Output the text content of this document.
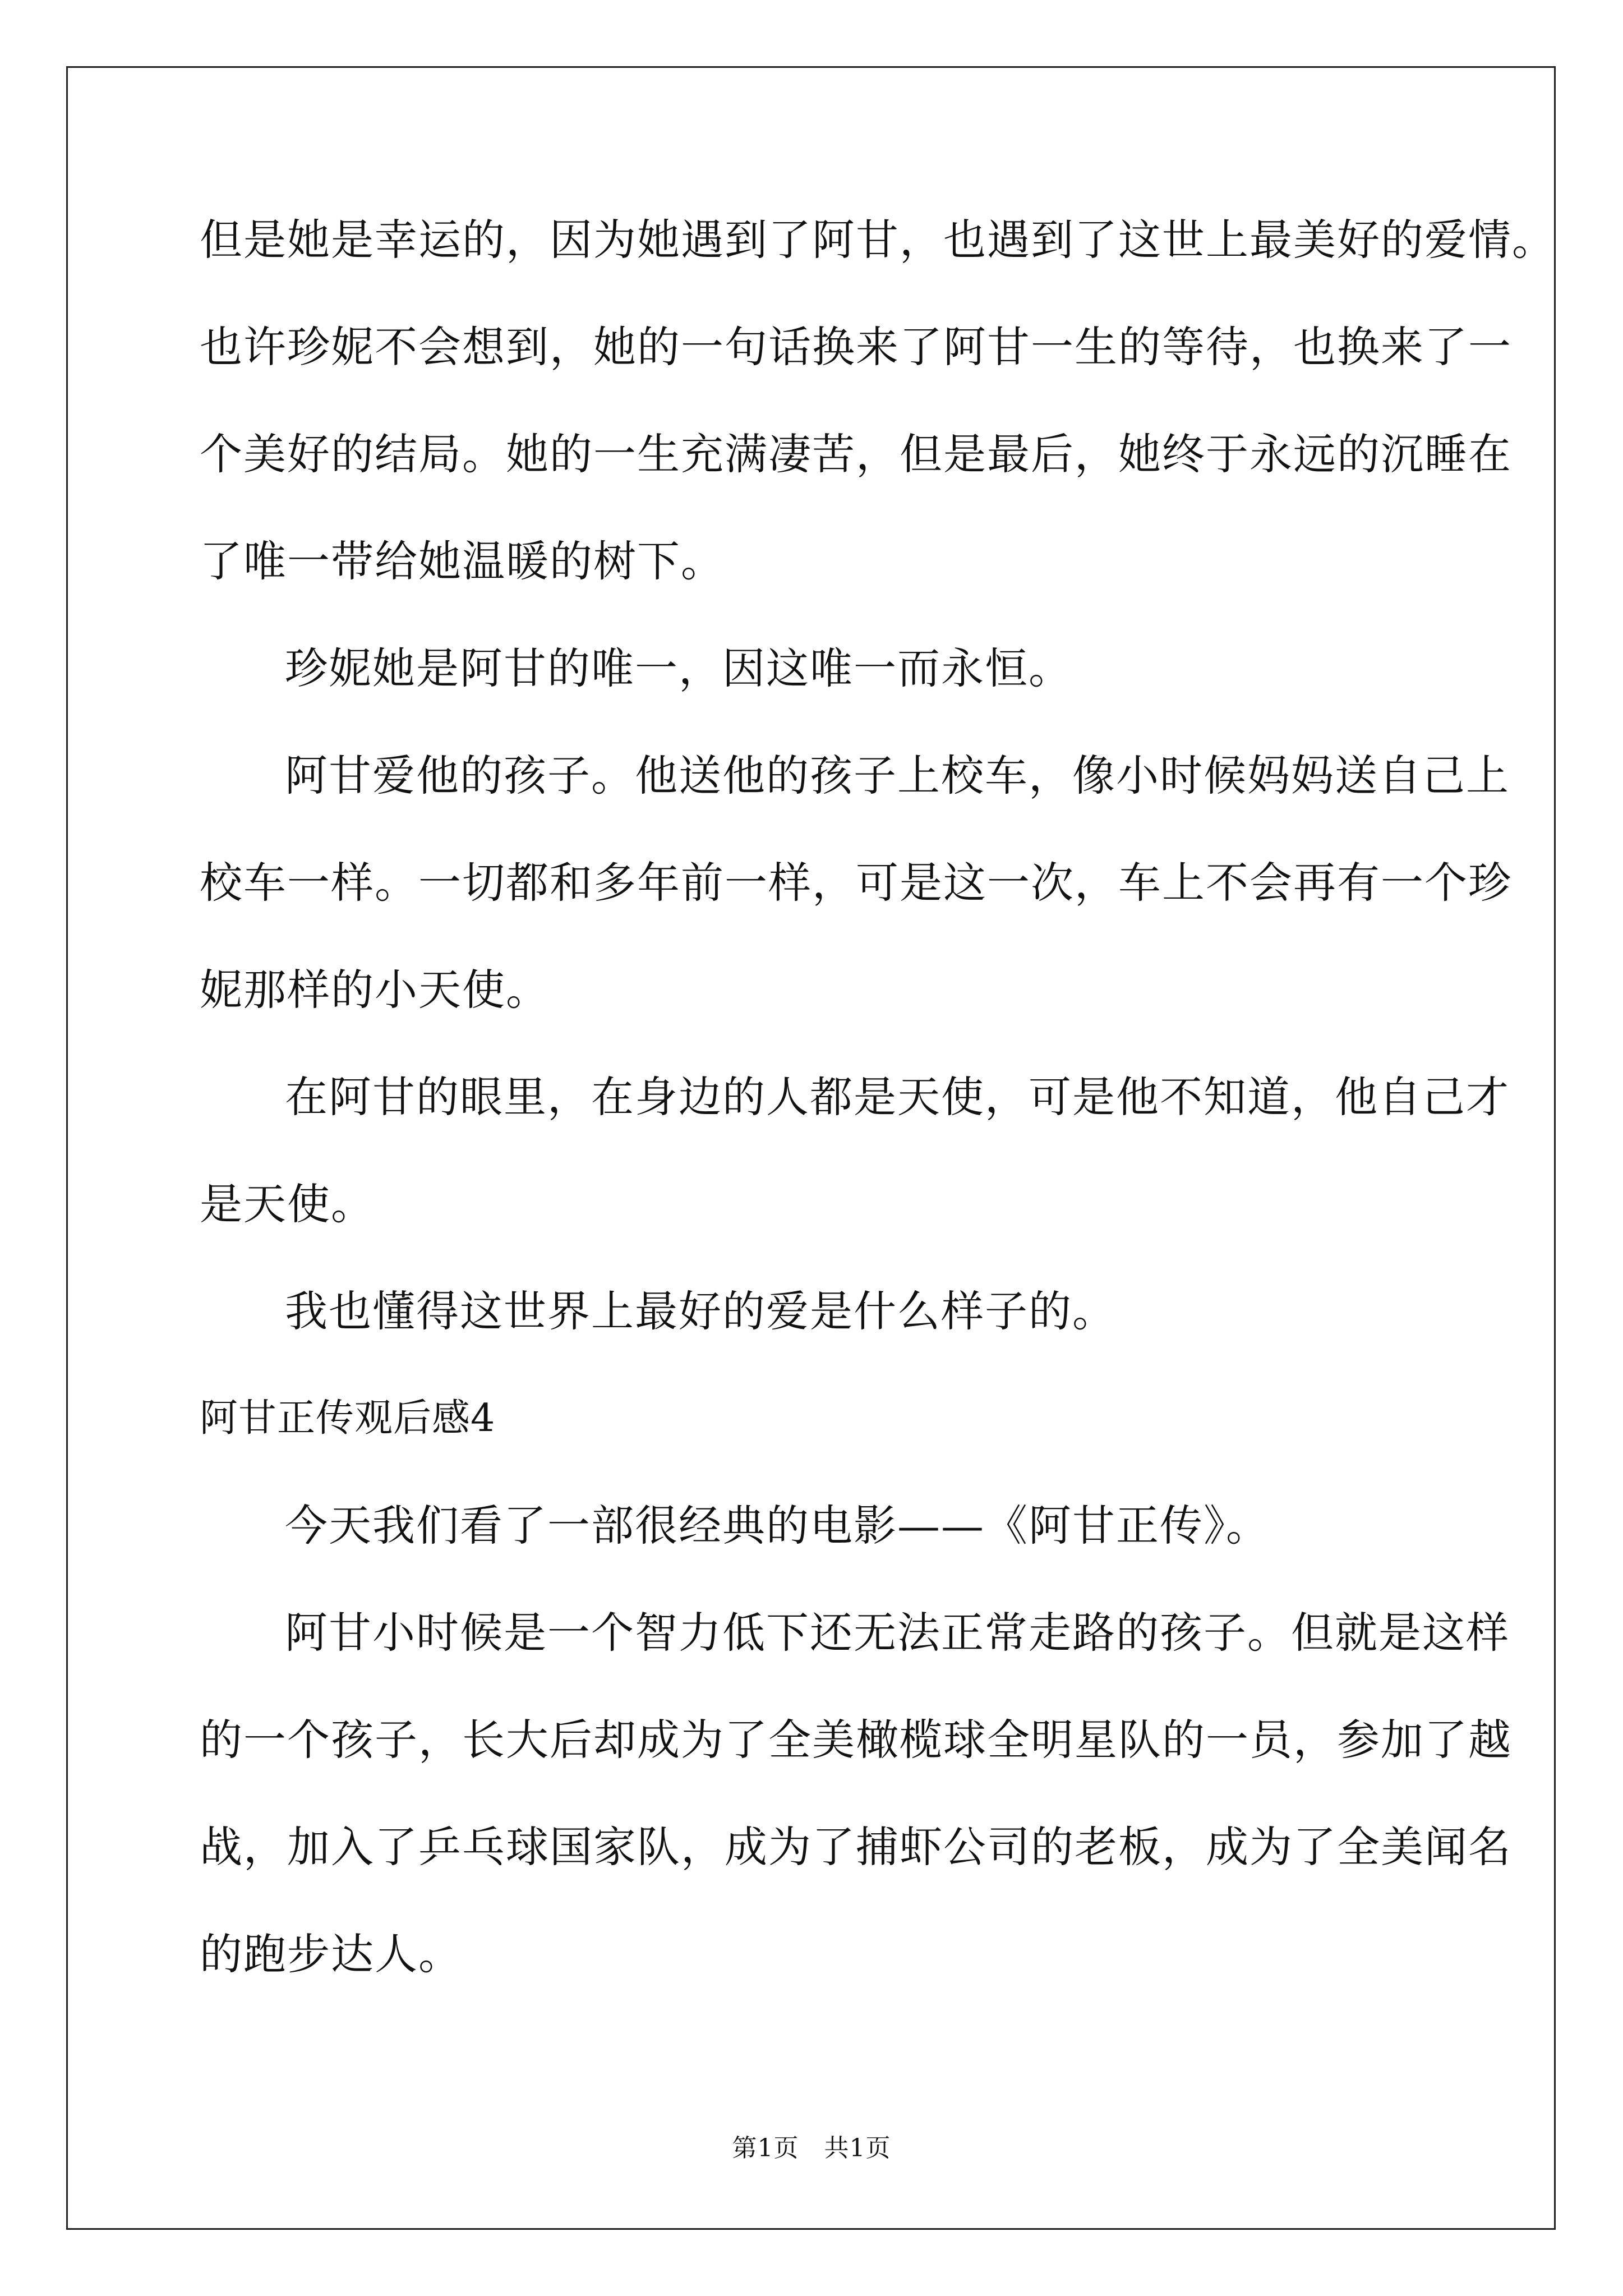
但是她是幸运的，因为她遇到了阿甘，也遇到了这世上最美好的爱情。
也许珍妮不会想到，她的一句话换来了阿甘一生的等待，也换来了一
个美好的结局。她的一生充满凄苦，但是最后，她终于永远的沉睡在
了唯一带给她温暖的树下。
珍妮她是阿甘的唯一，因这唯一而永恒。
阿甘爱他的孩子。他送他的孩子上校车，像小时候妈妈送自己上
校车一样。一切都和多年前一样，可是这一次，车上不会再有一个珍
妮那样的小天使。
在阿甘的眼里，在身边的人都是天使，可是他不知道，他自己才
是天使。
我也懂得这世界上最好的爱是什么样子的。
阿甘正传观后感4
今天我们看了一部很经典的电影——《阿甘正传》。
阿甘小时候是一个智力低下还无法正常走路的孩子。但就是这样
的一个孩子，长大后却成为了全美橄榄球全明星队的一员，参加了越
战，加入了乒乓球国家队，成为了捕虾公司的老板，成为了全美闻名
的跑步达人。
第1页　共1页
